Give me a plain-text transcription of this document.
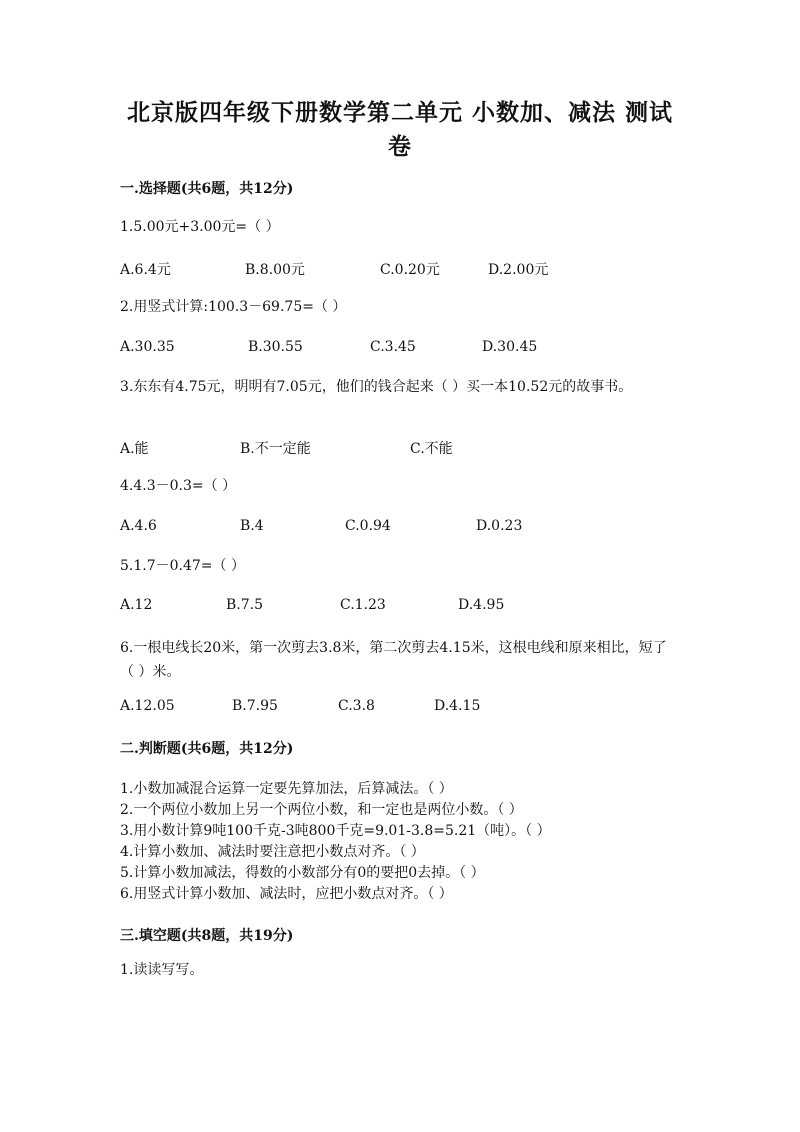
北京版四年级下册数学第二单元 小数加、减法 测试卷
一.选择题(共6题，共12分)
1.5.00元+3.00元=（ ）
A.6.4元	B.8.00元	C.0.20元	D.2.00元
2.用竖式计算:100.3－69.75=（ ）
A.30.35	B.30.55	C.3.45	D.30.45
3.东东有4.75元，明明有7.05元，他们的钱合起来（ ）买一本10.52元的故事书。
A.能	B.不一定能	C.不能
4.4.3－0.3=（ ）
A.4.6	B.4	C.0.94	D.0.23
5.1.7－0.47=（ ）
A.12	B.7.5	C.1.23	D.4.95
6.一根电线长20米，第一次剪去3.8米，第二次剪去4.15米，这根电线和原来相比，短了（ ）米。
A.12.05	B.7.95	C.3.8	D.4.15
二.判断题(共6题，共12分)
1.小数加减混合运算一定要先算加法，后算减法。（ ）
2.一个两位小数加上另一个两位小数，和一定也是两位小数。（ ）
3.用小数计算9吨100千克-3吨800千克=9.01-3.8=5.21（吨）。（ ）
4.计算小数加、减法时要注意把小数点对齐。（ ）
5.计算小数加减法，得数的小数部分有0的要把0去掉。（ ）
6.用竖式计算小数加、减法时，应把小数点对齐。（ ）
三.填空题(共8题，共19分)
1.读读写写。
